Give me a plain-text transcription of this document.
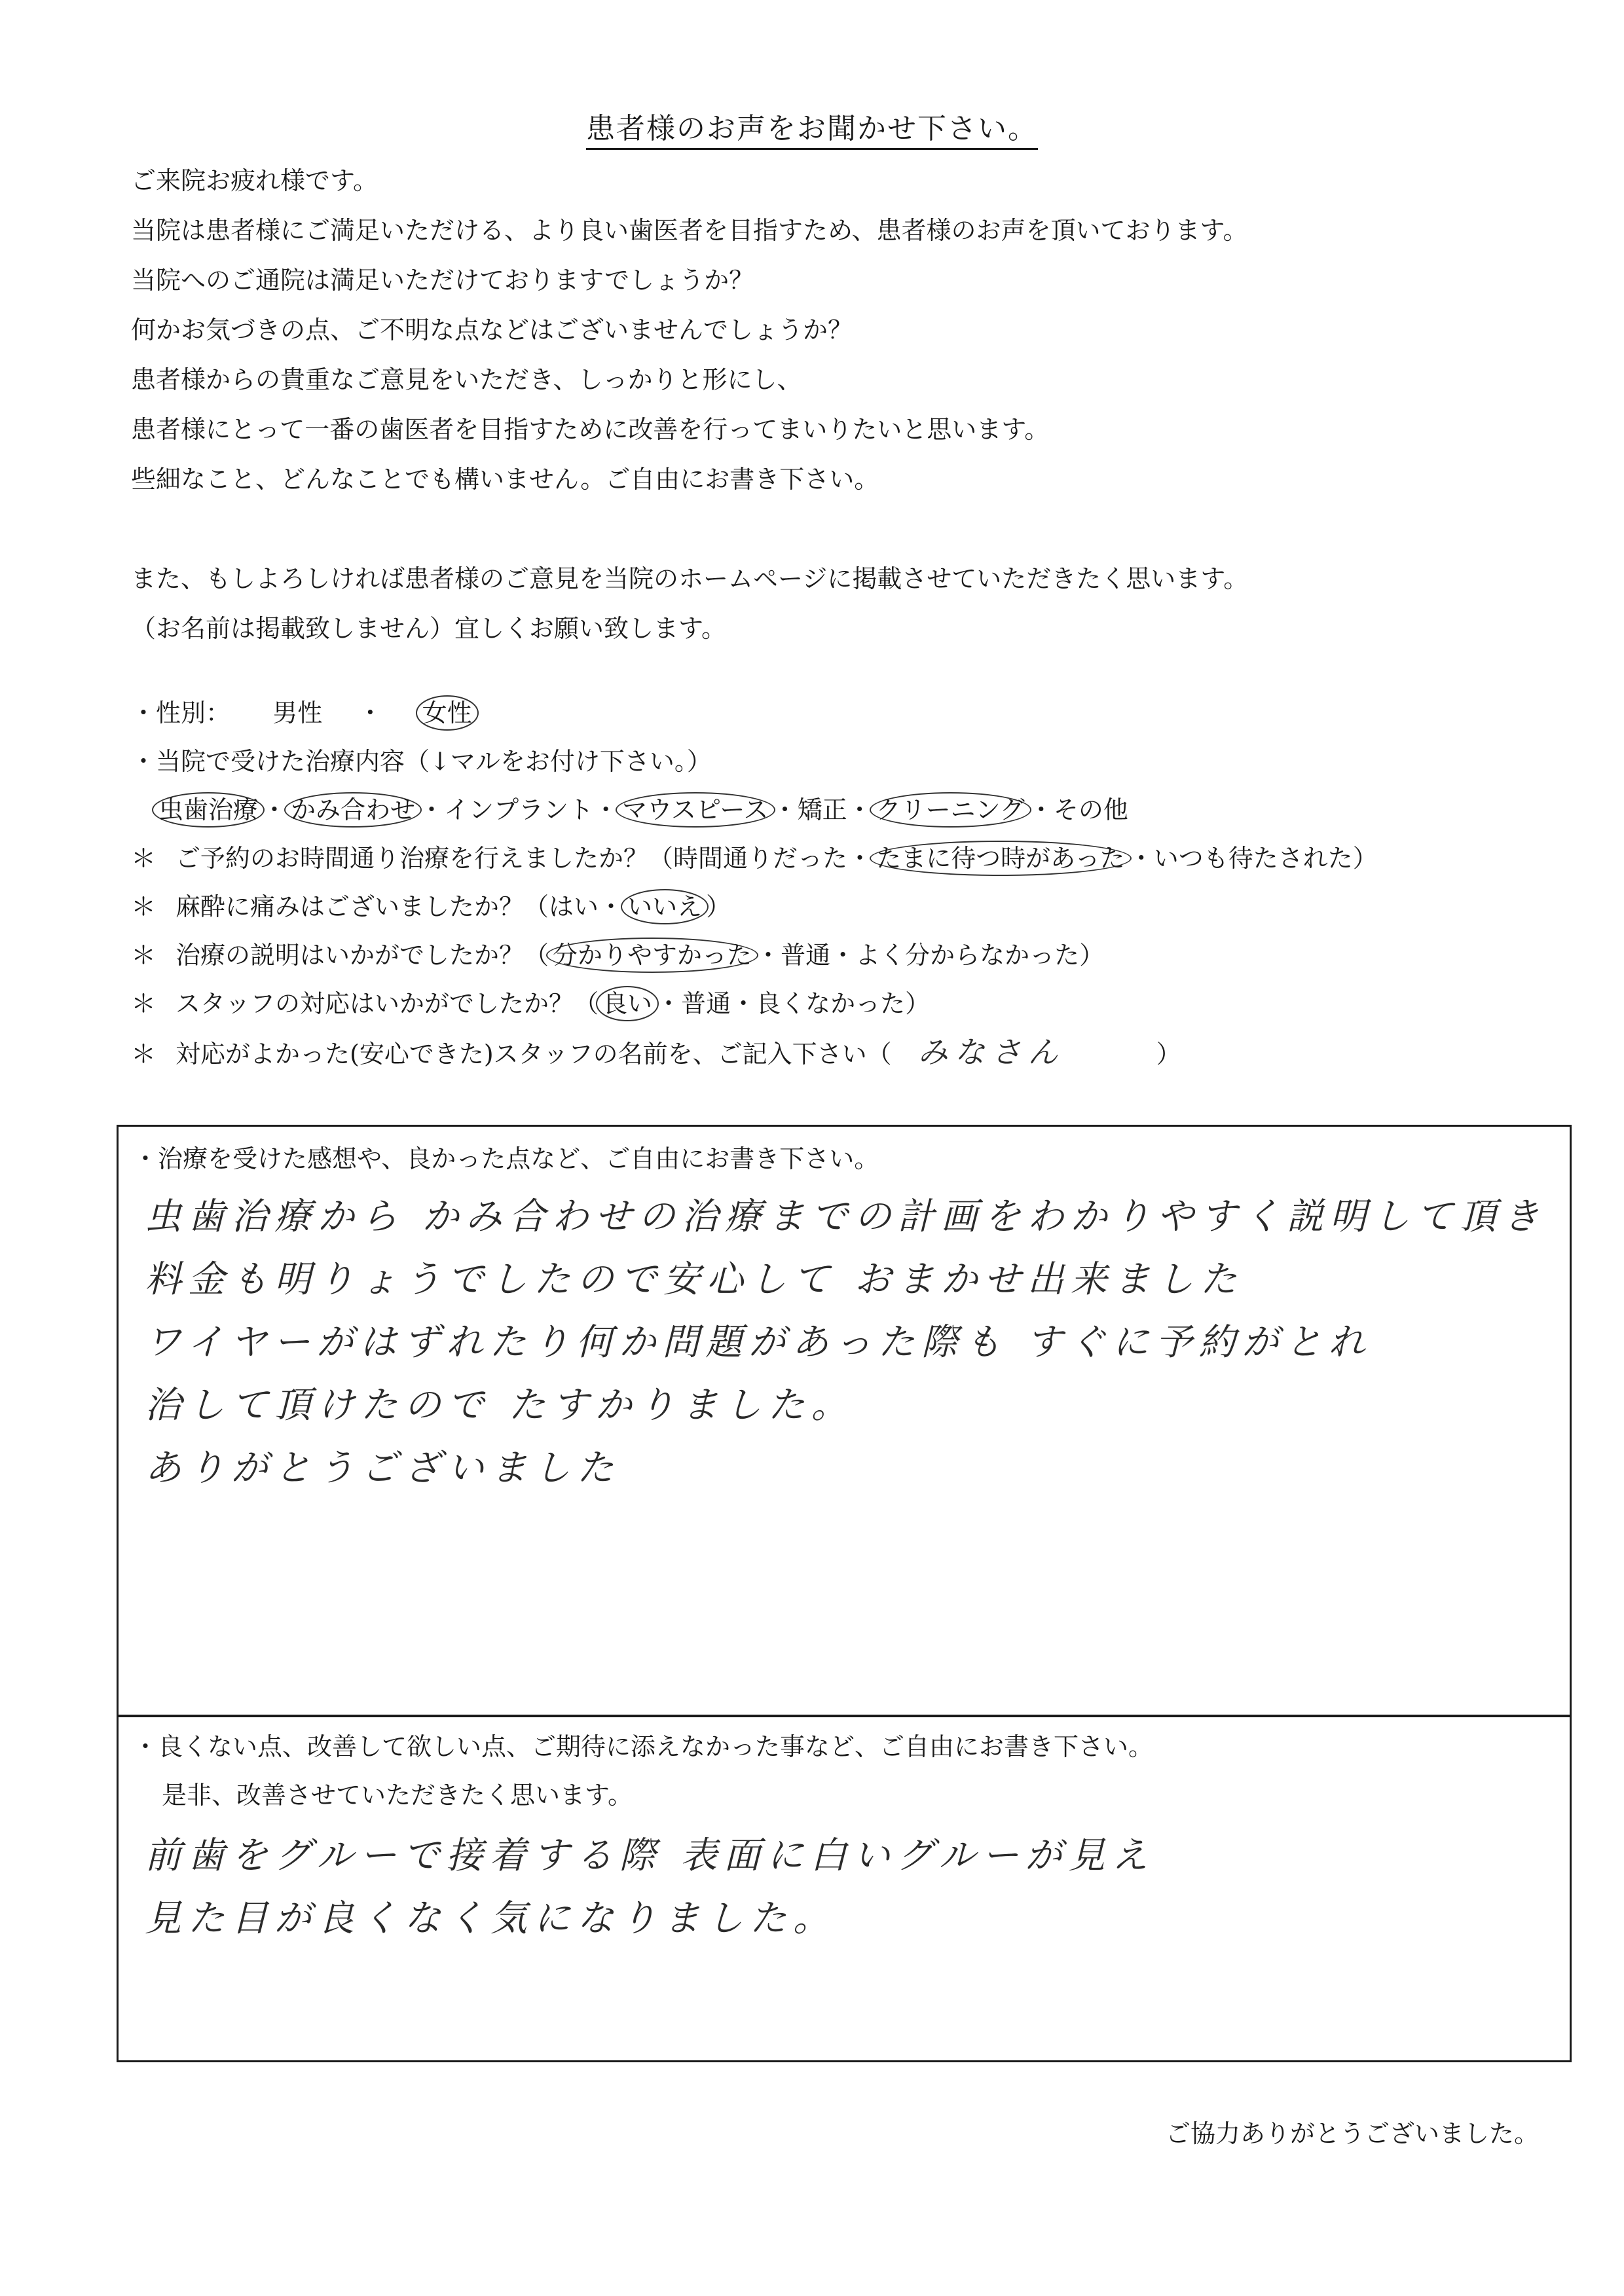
患者様のお声をお聞かせ下さい。
ご来院お疲れ様です。
当院は患者様にご満足いただける、より良い歯医者を目指すため、患者様のお声を頂いております。
当院へのご通院は満足いただけておりますでしょうか？
何かお気づきの点、ご不明な点などはございませんでしょうか？
患者様からの貴重なご意見をいただき、しっかりと形にし、
患者様にとって一番の歯医者を目指すために改善を行ってまいりたいと思います。
些細なこと、どんなことでも構いません。ご自由にお書き下さい。
また、もしよろしければ患者様のご意見を当院のホームページに掲載させていただきたく思います。
（お名前は掲載致しません）宜しくお願い致します。
・性別： 男性 ・ 女性
・当院で受けた治療内容（↓マルをお付け下さい。）
虫歯治療 ・ かみ合わせ ・インプラント・ マウスピース ・矯正・ クリーニング ・その他
＊ ご予約のお時間通り治療を行えましたか？（時間通りだった・ たまに待つ時があった ・いつも待たされた）
＊ 麻酔に痛みはございましたか？（はい・ いいえ ）
＊ 治療の説明はいかがでしたか？（ 分かりやすかった ・普通・よく分からなかった）
＊ スタッフの対応はいかがでしたか？（ 良い ・普通・良くなかった）
＊ 対応がよかった(安心できた)スタッフの名前を、ご記入下さい（ みなさん	）
・治療を受けた感想や、良かった点など、ご自由にお書き下さい。
虫歯治療から かみ合わせの治療までの計画をわかりやすく説明して頂き
料金も明りょうでしたので安心して おまかせ出来ました
ワイヤーがはずれたり何か問題があった際も すぐに予約がとれ
治して頂けたので たすかりました。
ありがとうございました
・良くない点、改善して欲しい点、ご期待に添えなかった事など、ご自由にお書き下さい。
是非、改善させていただきたく思います。
前歯をグルーで接着する際 表面に白いグルーが見え
見た目が良くなく気になりました。
ご協力ありがとうございました。
